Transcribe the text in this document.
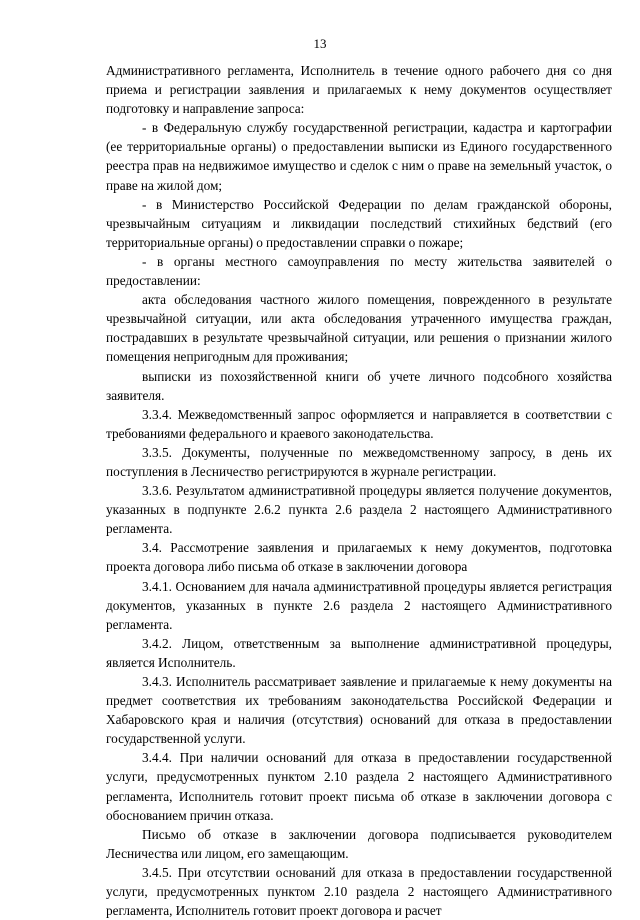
13

Административного регламента, Исполнитель в течение одного рабочего дня со дня приема и регистрации заявления и прилагаемых к нему документов осуществляет подготовку и направление запроса:

- в Федеральную службу государственной регистрации, кадастра и картографии (ее территориальные органы) о предоставлении выписки из Единого государственного реестра прав на недвижимое имущество и сделок с ним о праве на земельный участок, о праве на жилой дом;

- в Министерство Российской Федерации по делам гражданской обороны, чрезвычайным ситуациям и ликвидации последствий стихийных бедствий (его территориальные органы) о предоставлении справки о пожаре;

- в органы местного самоуправления по месту жительства заявителей о предоставлении:

акта обследования частного жилого помещения, поврежденного в результате чрезвычайной ситуации, или акта обследования утраченного имущества граждан, пострадавших в результате чрезвычайной ситуации, или решения о признании жилого помещения непригодным для проживания;

выписки из похозяйственной книги об учете личного подсобного хозяйства заявителя.

3.3.4. Межведомственный запрос оформляется и направляется в соответствии с требованиями федерального и краевого законодательства.

3.3.5. Документы, полученные по межведомственному запросу, в день их поступления в Лесничество регистрируются в журнале регистрации.

3.3.6. Результатом административной процедуры является получение документов, указанных в подпункте 2.6.2 пункта 2.6 раздела 2 настоящего Административного регламента.

3.4. Рассмотрение заявления и прилагаемых к нему документов, подготовка проекта договора либо письма об отказе в заключении договора

3.4.1. Основанием для начала административной процедуры является регистрация документов, указанных в пункте 2.6 раздела 2 настоящего Административного регламента.

3.4.2. Лицом, ответственным за выполнение административной процедуры, является Исполнитель.

3.4.3. Исполнитель рассматривает заявление и прилагаемые к нему документы на предмет соответствия их требованиям законодательства Российской Федерации и Хабаровского края и наличия (отсутствия) оснований для отказа в предоставлении государственной услуги.

3.4.4. При наличии оснований для отказа в предоставлении государственной услуги, предусмотренных пунктом 2.10 раздела 2 настоящего Административного регламента, Исполнитель готовит проект письма об отказе в заключении договора с обоснованием причин отказа.

Письмо об отказе в заключении договора подписывается руководителем Лесничества или лицом, его замещающим.

3.4.5. При отсутствии оснований для отказа в предоставлении государственной услуги, предусмотренных пунктом 2.10 раздела 2 настоящего Административного регламента, Исполнитель готовит проект договора и расчет
